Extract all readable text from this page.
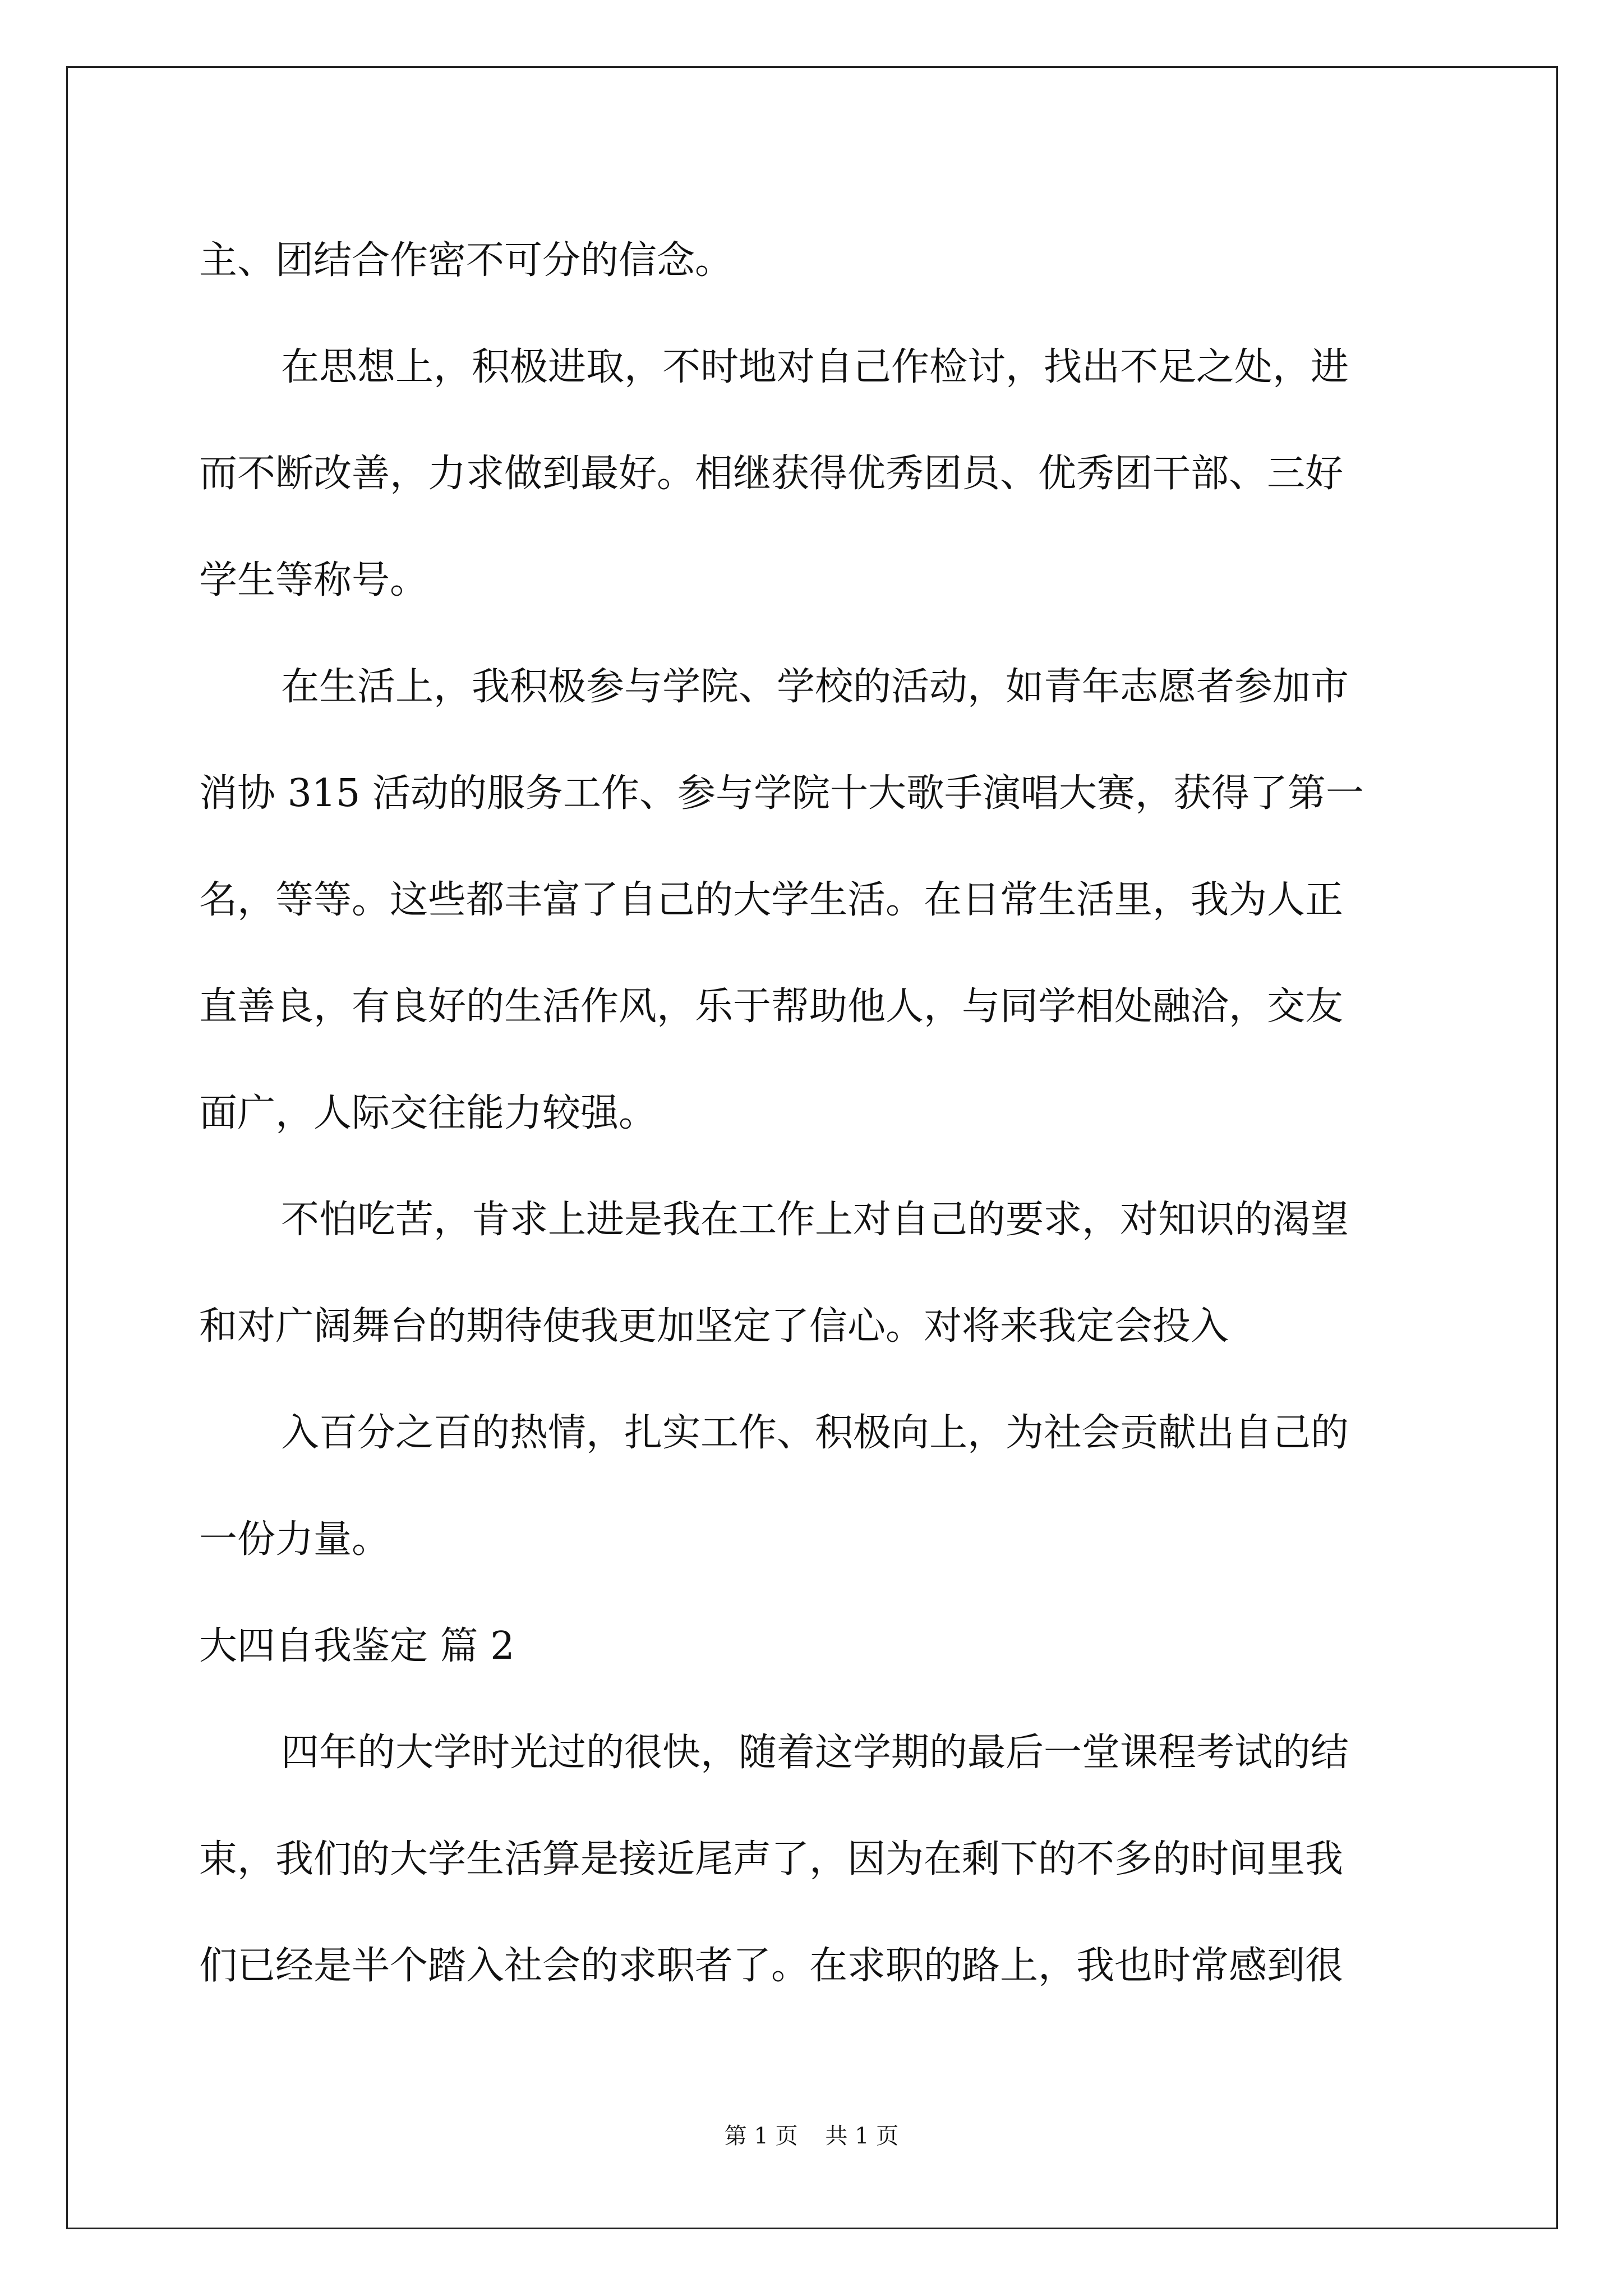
主、团结合作密不可分的信念。
在思想上，积极进取，不时地对自己作检讨，找出不足之处，进
而不断改善，力求做到最好。相继获得优秀团员、优秀团干部、三好
学生等称号。
在生活上，我积极参与学院、学校的活动，如青年志愿者参加市
消协 315 活动的服务工作、参与学院十大歌手演唱大赛，获得了第一
名，等等。这些都丰富了自己的大学生活。在日常生活里，我为人正
直善良，有良好的生活作风，乐于帮助他人，与同学相处融洽，交友
面广，人际交往能力较强。
不怕吃苦，肯求上进是我在工作上对自己的要求，对知识的渴望
和对广阔舞台的期待使我更加坚定了信心。对将来我定会投入
入百分之百的热情，扎实工作、积极向上，为社会贡献出自己的
一份力量。
大四自我鉴定 篇 2
四年的大学时光过的很快，随着这学期的最后一堂课程考试的结
束，我们的大学生活算是接近尾声了，因为在剩下的不多的时间里我
们已经是半个踏入社会的求职者了。在求职的路上，我也时常感到很
第 1 页 共 1 页
